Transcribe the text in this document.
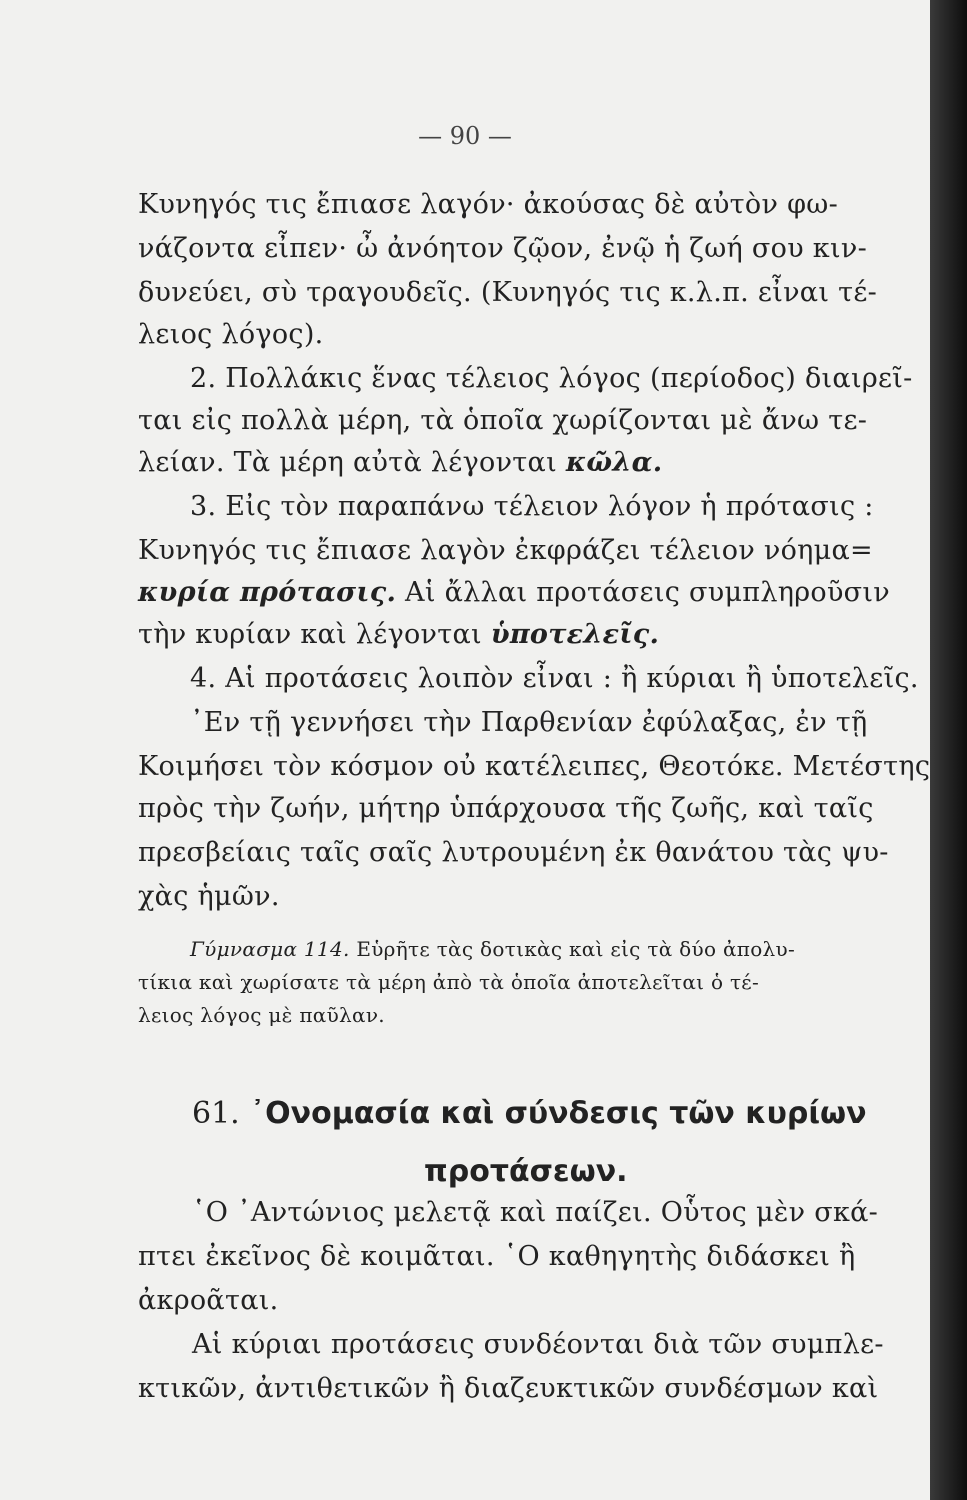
— 90 —
Κυνηγός τις ἔπιασε λαγόν· ἀκούσας δὲ αὐτὸν φω-
νάζοντα εἶπεν· ὦ ἀνόητον ζῷον, ἐνῷ ἡ ζωή σου κιν-
δυνεύει, σὺ τραγουδεῖς. (Κυνηγός τις κ.λ.π. εἶναι τέ-
λειος λόγος).
2. Πολλάκις ἕνας τέλειος λόγος (περίοδος) διαιρεῖ-
ται εἰς πολλὰ μέρη, τὰ ὁποῖα χωρίζονται μὲ ἄνω τε-
λείαν. Τὰ μέρη αὐτὰ λέγονται κῶλα.
3. Εἰς τὸν παραπάνω τέλειον λόγον ἡ πρότασις :
Κυνηγός τις ἔπιασε λαγὸν ἐκφράζει τέλειον νόημα=
κυρία πρότασις. Αἱ ἄλλαι προτάσεις συμπληροῦσιν
τὴν κυρίαν καὶ λέγονται ὑποτελεῖς.
4. Αἱ προτάσεις λοιπὸν εἶναι : ἢ κύριαι ἢ ὑποτελεῖς.
᾿Εν τῇ γεννήσει τὴν Παρθενίαν ἐφύλαξας, ἐν τῇ
Κοιμήσει τὸν κόσμον οὐ κατέλειπες, Θεοτόκε. Μετέστης
πρὸς τὴν ζωήν, μήτηρ ὑπάρχουσα τῆς ζωῆς, καὶ ταῖς
πρεσβείαις ταῖς σαῖς λυτρουμένη ἐκ θανάτου τὰς ψυ-
χὰς ἡμῶν.
Γύμνασμα 114. Εὑρῆτε τὰς δοτικὰς καὶ εἰς τὰ δύο ἀπολυ-
τίκια καὶ χωρίσατε τὰ μέρη ἀπὸ τὰ ὁποῖα ἀποτελεῖται ὁ τέ-
λειος λόγος μὲ παῦλαν.
61. ᾿Ονομασία καὶ σύνδεσις τῶν κυρίων
προτάσεων.
῾Ο ᾿Αντώνιος μελετᾷ καὶ παίζει. Οὗτος μὲν σκά-
πτει ἐκεῖνος δὲ κοιμᾶται. ῾Ο καθηγητὴς διδάσκει ἢ
ἀκροᾶται.
Αἱ κύριαι προτάσεις συνδέονται διὰ τῶν συμπλε-
κτικῶν, ἀντιθετικῶν ἢ διαζευκτικῶν συνδέσμων καὶ
